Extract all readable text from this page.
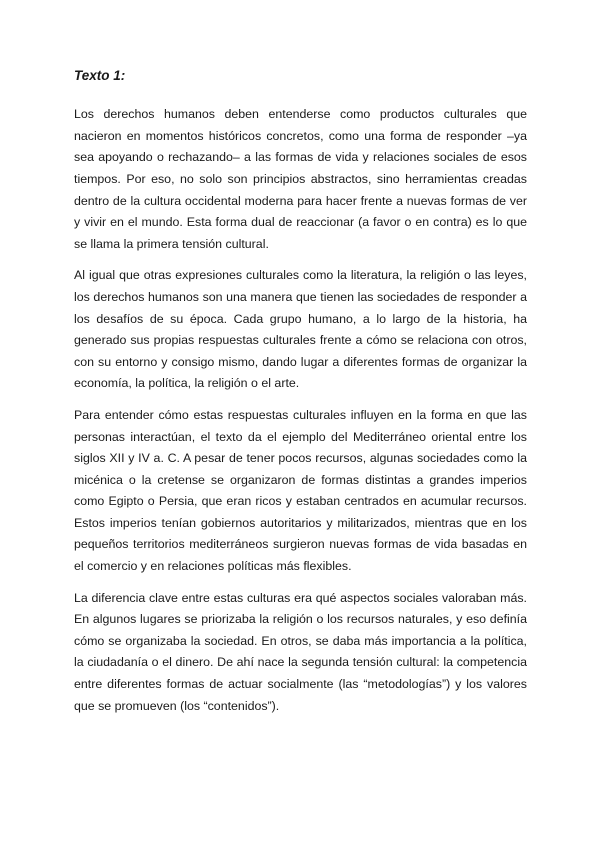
Texto 1:

Los derechos humanos deben entenderse como productos culturales que nacieron en momentos históricos concretos, como una forma de responder –ya sea apoyando o rechazando– a las formas de vida y relaciones sociales de esos tiempos. Por eso, no solo son principios abstractos, sino herramientas creadas dentro de la cultura occidental moderna para hacer frente a nuevas formas de ver y vivir en el mundo. Esta forma dual de reaccionar (a favor o en contra) es lo que se llama la primera tensión cultural.

Al igual que otras expresiones culturales como la literatura, la religión o las leyes, los derechos humanos son una manera que tienen las sociedades de responder a los desafíos de su época. Cada grupo humano, a lo largo de la historia, ha generado sus propias respuestas culturales frente a cómo se relaciona con otros, con su entorno y consigo mismo, dando lugar a diferentes formas de organizar la economía, la política, la religión o el arte.

Para entender cómo estas respuestas culturales influyen en la forma en que las personas interactúan, el texto da el ejemplo del Mediterráneo oriental entre los siglos XII y IV a. C. A pesar de tener pocos recursos, algunas sociedades como la micénica o la cretense se organizaron de formas distintas a grandes imperios como Egipto o Persia, que eran ricos y estaban centrados en acumular recursos. Estos imperios tenían gobiernos autoritarios y militarizados, mientras que en los pequeños territorios mediterráneos surgieron nuevas formas de vida basadas en el comercio y en relaciones políticas más flexibles.

La diferencia clave entre estas culturas era qué aspectos sociales valoraban más. En algunos lugares se priorizaba la religión o los recursos naturales, y eso definía cómo se organizaba la sociedad. En otros, se daba más importancia a la política, la ciudadanía o el dinero. De ahí nace la segunda tensión cultural: la competencia entre diferentes formas de actuar socialmente (las “metodologías”) y los valores que se promueven (los “contenidos”).
